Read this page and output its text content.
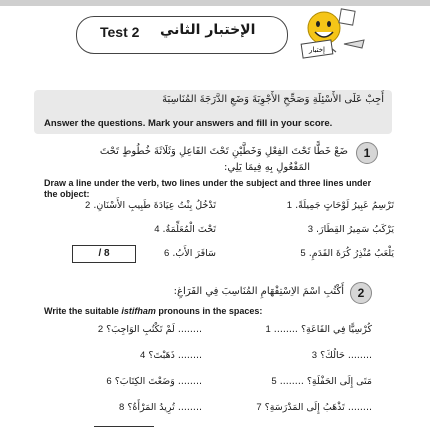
Test 2 الإختبار الثاني
إختبار
أَجِبْ عَلَى الأَسْئِلَةِ وَصَحِّحِ الأَجْوِبَةَ وَضَعِ الدَّرَجَةَ المُنَاسِبَةَ
Answer the questions. Mark your answers and fill in your score.
1
ضَعْ خَطًّا تَحْتَ الفِعْلِ وَخَطَّيْنِ تَحْتَ الفَاعِلِ وَثَلَاثَةَ خُطُوطٍ تَحْتَ
المَفْعُولِ بِهِ فِيمَا يَلِي:
Draw a line under the verb, two lines under the subject and three lines under the object:
تَرْسِمُ عَبِيرُ لَوْحَاتٍ جَمِيلَةً. 1
تَدْخُلُ بِنْتُ عِيَادَةَ طَبِيبِ الأَسْنَانِ. 2
يَرْكَبُ سَمِيرُ القِطَارَ. 3
تَحْتَ الْمُعَلِّمَةُ. 4
يَلْعَبُ مُنْذِرُ كُرَةَ القَدَمِ. 5
سَافَرَ الأَبُ. 6
/ 8
2
أَكْتُبِ اسْمَ الاِسْتِفْهَامِ المُنَاسِبَ فِي الفَرَاغِ:
Write the suitable istifham pronouns in the spaces:
كُرْسِيًّا فِي القَاعَةِ؟ ........ 1
........ لَمْ تَكْتُبِ الوَاجِبَ؟ 2
........ حَالُكَ؟ 3
........ ذَهَبْتَ؟ 4
مَتَى إِلَى الحَفْلَةِ؟ ........ 5
........ وَضَعْتَ الكِتَابَ؟ 6
........ تَذْهَبُ إِلَى المَدْرَسَةِ؟ 7
........ تُرِيدُ المَرْأَةُ؟ 8
